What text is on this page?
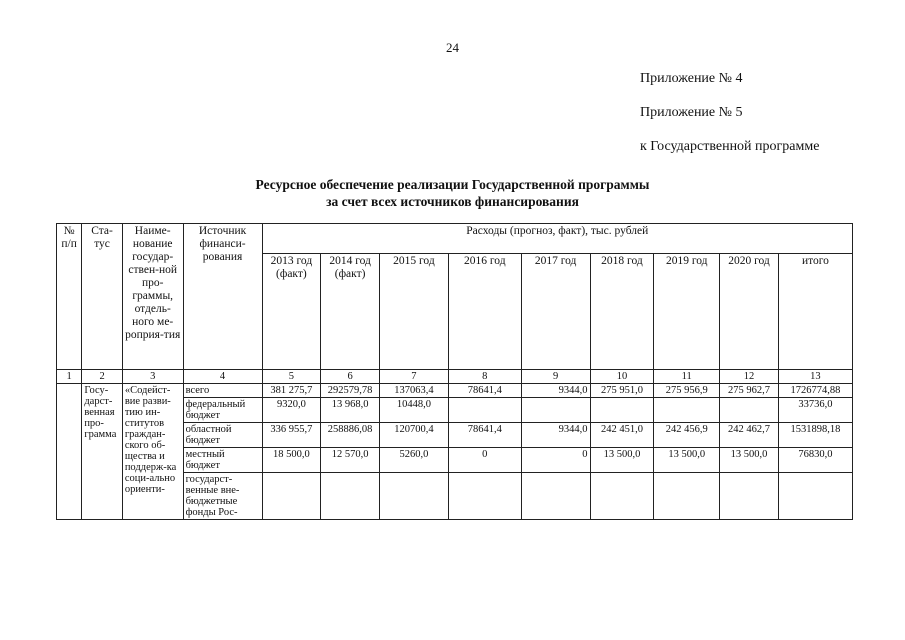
24
Приложение № 4
Приложение № 5
к Государственной программе
Ресурсное обеспечение реализации Государственной программы
за счет всех источников финансирования
№ п/п	Ста-тус	Наиме-нование государ-ствен-ной про-граммы, отдель-ного ме-роприя-тия	Источник финанси-рования	Расходы (прогноз, факт), тыс. рублей								
				2013 год (факт)	2014 год (факт)	2015 год	2016 год	2017 год	2018 год	2019 год	2020 год	итого
1	2	3	4	5	6	7	8	9	10	11	12	13
	Госу-дарст-венная про-грамма	«Содейст-вие разви-тию ин-ститутов граждан-ского об-щества и поддерж-ка соци-ально ориенти-	всего	381 275,7	292579,78	137063,4	78641,4	9344,0	275 951,0	275 956,9	275 962,7	1726774,88
			федеральный бюджет	9320,0	13 968,0	10448,0						33736,0
			областной бюджет	336 955,7	258886,08	120700,4	78641,4	9344,0	242 451,0	242 456,9	242 462,7	1531898,18
			местный бюджет	18 500,0	12 570,0	5260,0	0	0	13 500,0	13 500,0	13 500,0	76830,0
			государст-венные вне-бюджетные фонды Рос-									
